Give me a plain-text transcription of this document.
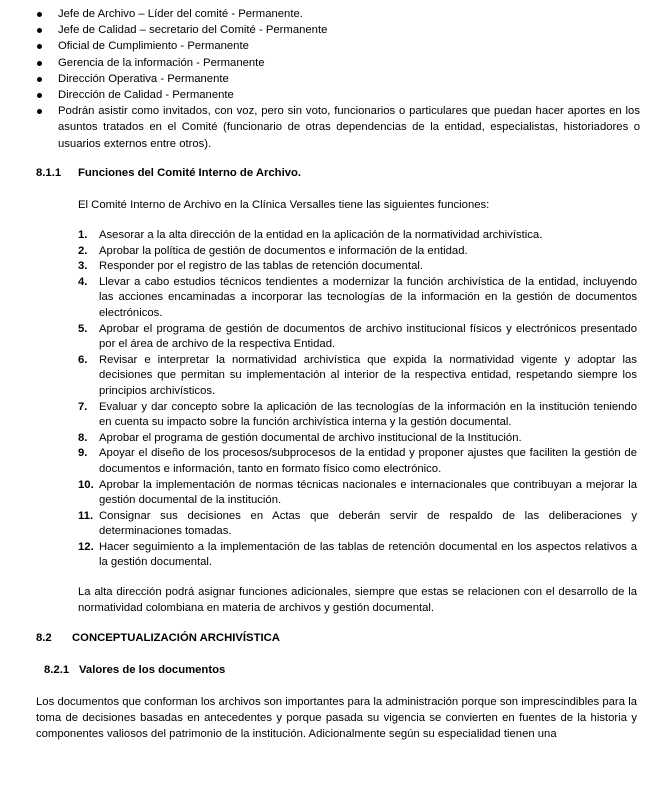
Jefe de Archivo – Líder del comité - Permanente.
Jefe de Calidad – secretario del Comité - Permanente
Oficial de Cumplimiento - Permanente
Gerencia de la información - Permanente
Dirección Operativa - Permanente
Dirección de Calidad - Permanente
Podrán asistir como invitados, con voz, pero sin voto, funcionarios o particulares que puedan hacer aportes en los asuntos tratados en el Comité (funcionario de otras dependencias de la entidad, especialistas, historiadores o usuarios externos entre otros).
8.1.1 Funciones del Comité Interno de Archivo.
El Comité Interno de Archivo en la Clínica Versalles tiene las siguientes funciones:
1. Asesorar a la alta dirección de la entidad en la aplicación de la normatividad archivística.
2. Aprobar la política de gestión de documentos e información de la entidad.
3. Responder por el registro de las tablas de retención documental.
4. Llevar a cabo estudios técnicos tendientes a modernizar la función archivística de la entidad, incluyendo las acciones encaminadas a incorporar las tecnologías de la información en la gestión de documentos electrónicos.
5. Aprobar el programa de gestión de documentos de archivo institucional físicos y electrónicos presentado por el área de archivo de la respectiva Entidad.
6. Revisar e interpretar la normatividad archivística que expida la normatividad vigente y adoptar las decisiones que permitan su implementación al interior de la respectiva entidad, respetando siempre los principios archivísticos.
7. Evaluar y dar concepto sobre la aplicación de las tecnologías de la información en la institución teniendo en cuenta su impacto sobre la función archivística interna y la gestión documental.
8. Aprobar el programa de gestión documental de archivo institucional de la Institución.
9. Apoyar el diseño de los procesos/subprocesos de la entidad y proponer ajustes que faciliten la gestión de documentos e información, tanto en formato físico como electrónico.
10. Aprobar la implementación de normas técnicas nacionales e internacionales que contribuyan a mejorar la gestión documental de la institución.
11. Consignar sus decisiones en Actas que deberán servir de respaldo de las deliberaciones y determinaciones tomadas.
12. Hacer seguimiento a la implementación de las tablas de retención documental en los aspectos relativos a la gestión documental.
La alta dirección podrá asignar funciones adicionales, siempre que estas se relacionen con el desarrollo de la normatividad colombiana en materia de archivos y gestión documental.
8.2 CONCEPTUALIZACIÓN ARCHIVÍSTICA
8.2.1 Valores de los documentos
Los documentos que conforman los archivos son importantes para la administración porque son imprescindibles para la toma de decisiones basadas en antecedentes y porque pasada su vigencia se convierten en fuentes de la historia y componentes valiosos del patrimonio de la institución. Adicionalmente según su especialidad tienen una
